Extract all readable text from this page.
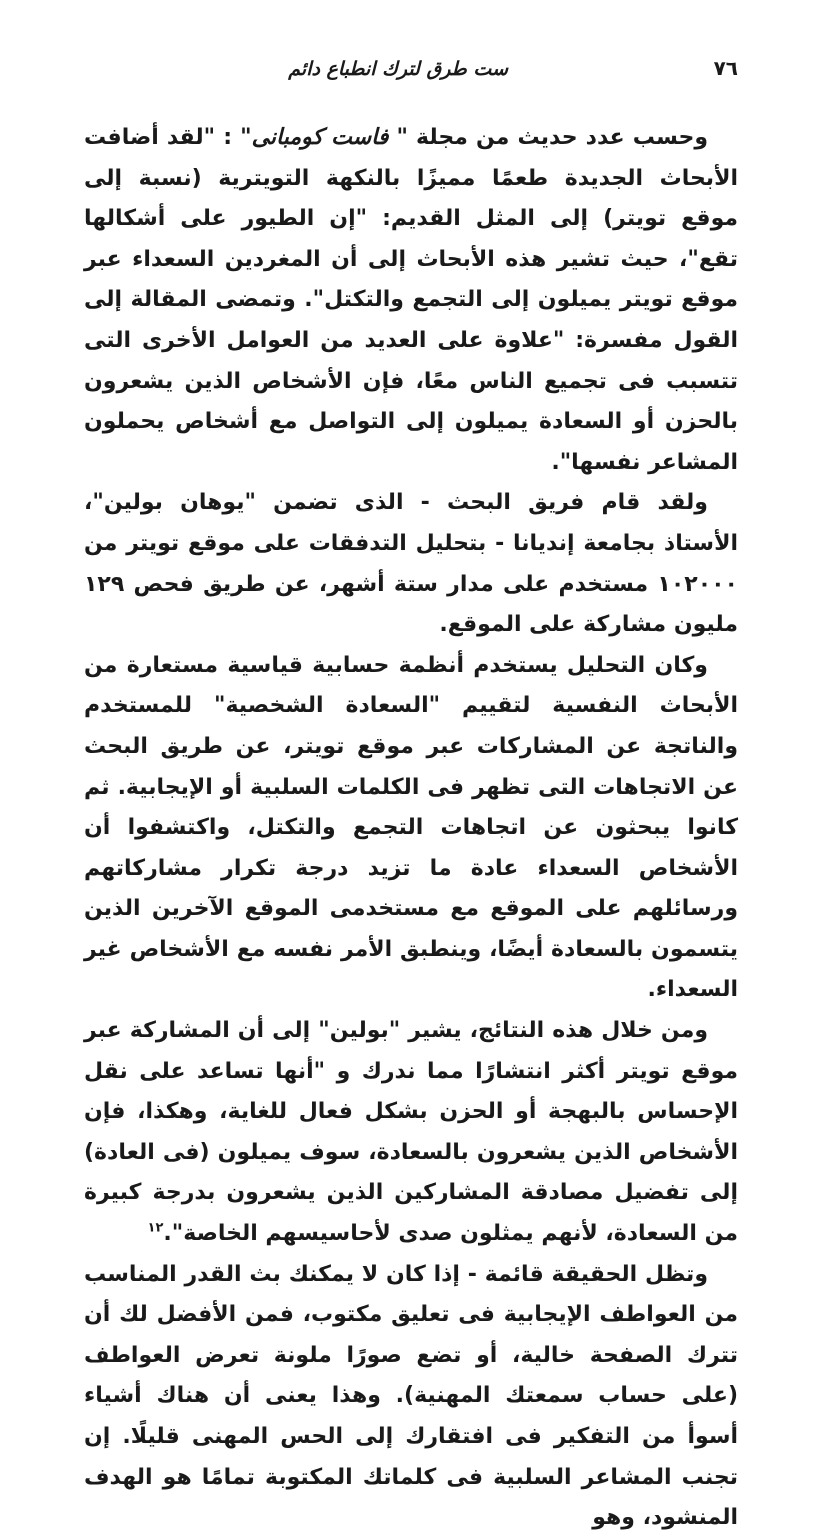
٧٦
ست طرق لترك انطباع دائم

وحسب عدد حديث من مجلة " فاست كومبانى" : "لقد أضافت الأبحاث الجديدة طعمًا مميزًا بالنكهة التويترية (نسبة إلى موقع تويتر) إلى المثل القديم: "إن الطيور على أشكالها تقع"، حيث تشير هذه الأبحاث إلى أن المغردين السعداء عبر موقع تويتر يميلون إلى التجمع والتكتل". وتمضى المقالة إلى القول مفسرة: "علاوة على العديد من العوامل الأخرى التى تتسبب فى تجميع الناس معًا، فإن الأشخاص الذين يشعرون بالحزن أو السعادة يميلون إلى التواصل مع أشخاص يحملون المشاعر نفسها".

ولقد قام فريق البحث - الذى تضمن "يوهان بولين"، الأستاذ بجامعة إنديانا - بتحليل التدفقات على موقع تويتر من ١٠٢٠٠٠ مستخدم على مدار ستة أشهر، عن طريق فحص ١٢٩ مليون مشاركة على الموقع.

وكان التحليل يستخدم أنظمة حسابية قياسية مستعارة من الأبحاث النفسية لتقييم "السعادة الشخصية" للمستخدم والناتجة عن المشاركات عبر موقع تويتر، عن طريق البحث عن الاتجاهات التى تظهر فى الكلمات السلبية أو الإيجابية. ثم كانوا يبحثون عن اتجاهات التجمع والتكتل، واكتشفوا أن الأشخاص السعداء عادة ما تزيد درجة تكرار مشاركاتهم ورسائلهم على الموقع مع مستخدمى الموقع الآخرين الذين يتسمون بالسعادة أيضًا، وينطبق الأمر نفسه مع الأشخاص غير السعداء.

ومن خلال هذه النتائج، يشير "بولين" إلى أن المشاركة عبر موقع تويتر أكثر انتشارًا مما ندرك و "أنها تساعد على نقل الإحساس بالبهجة أو الحزن بشكل فعال للغاية، وهكذا، فإن الأشخاص الذين يشعرون بالسعادة، سوف يميلون (فى العادة) إلى تفضيل مصادقة المشاركين الذين يشعرون بدرجة كبيرة من السعادة، لأنهم يمثلون صدى لأحاسيسهم الخاصة".$^{١٢}$

وتظل الحقيقة قائمة - إذا كان لا يمكنك بث القدر المناسب من العواطف الإيجابية فى تعليق مكتوب، فمن الأفضل لك أن تترك الصفحة خالية، أو تضع صورًا ملونة تعرض العواطف (على حساب سمعتك المهنية). وهذا يعنى أن هناك أشياء أسوأ من التفكير فى افتقارك إلى الحس المهنى قليلًا. إن تجنب المشاعر السلبية فى كلماتك المكتوبة تمامًا هو الهدف المنشود، وهو
